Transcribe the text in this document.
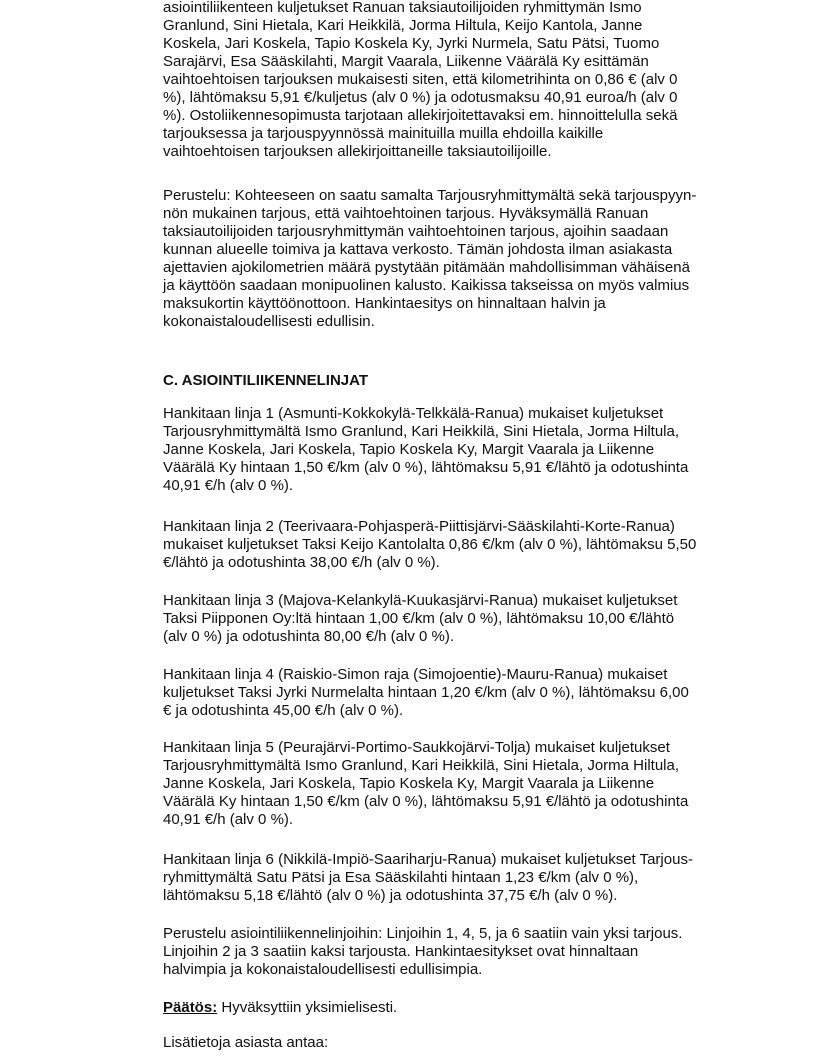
asiointiliikenteen kuljetukset Ranuan taksiautoilijoiden ryhmittymän Ismo
Granlund, Sini Hietala, Kari Heikkilä, Jorma Hiltula, Keijo Kantola, Janne
Koskela, Jari Koskela, Tapio Koskela Ky, Jyrki Nurmela, Satu Pätsi, Tuomo
Sarajärvi, Esa Sääskilahti, Margit Vaarala, Liikenne Väärälä Ky esittämän
vaihtoehtoisen tarjouksen mukaisesti siten, että kilometrihinta on 0,86 € (alv 0
%), lähtömaksu 5,91 €/kuljetus (alv 0 %) ja odotusmaksu 40,91 euroa/h (alv 0
%). Ostoliikennesopimusta tarjotaan allekirjoitettavaksi em. hinnoittelulla sekä
tarjouksessa ja tarjouspyynnössä mainituilla muilla ehdoilla kaikille
vaihtoehtoisen tarjouksen allekirjoittaneille taksiautoilijoille.
Perustelu: Kohteeseen on saatu samalta Tarjousryhmittymältä sekä tarjouspyyn-
nön mukainen tarjous, että vaihtoehtoinen tarjous. Hyväksymällä Ranuan
taksiautoilijoiden tarjousryhmittymän vaihtoehtoinen tarjous, ajoihin saadaan
kunnan alueelle toimiva ja kattava verkosto. Tämän johdosta ilman asiakasta
ajettavien ajokilometrien määrä pystytään pitämään mahdollisimman vähäisenä
ja käyttöön saadaan monipuolinen kalusto. Kaikissa takseissa on myös valmius
maksukortin käyttöönottoon. Hankintaesitys on hinnaltaan halvin ja
kokonaistaloudellisesti edullisin.
C. ASIOINTILIIKENNELINJAT
Hankitaan linja 1 (Asmunti-Kokkokylä-Telkkälä-Ranua) mukaiset kuljetukset
Tarjousryhmittymältä Ismo Granlund, Kari Heikkilä, Sini Hietala, Jorma Hiltula,
Janne Koskela, Jari Koskela, Tapio Koskela Ky, Margit Vaarala ja Liikenne
Väärälä Ky hintaan 1,50 €/km (alv 0 %), lähtömaksu 5,91 €/lähtö ja odotushinta
40,91 €/h (alv 0 %).
Hankitaan linja 2 (Teerivaara-Pohjasperä-Piittisjärvi-Sääskilahti-Korte-Ranua)
mukaiset kuljetukset Taksi Keijo Kantolalta 0,86 €/km (alv 0 %), lähtömaksu 5,50
€/lähtö ja odotushinta 38,00 €/h (alv 0 %).
Hankitaan linja 3 (Majova-Kelankylä-Kuukasjärvi-Ranua) mukaiset kuljetukset
Taksi Piipponen Oy:ltä hintaan 1,00 €/km (alv 0 %), lähtömaksu 10,00 €/lähtö
(alv 0 %) ja odotushinta 80,00 €/h (alv 0 %).
Hankitaan linja 4 (Raiskio-Simon raja (Simojoentie)-Mauru-Ranua) mukaiset
kuljetukset Taksi Jyrki Nurmelalta hintaan 1,20 €/km (alv 0 %), lähtömaksu 6,00
€ ja odotushinta 45,00 €/h (alv 0 %).
Hankitaan linja 5 (Peurajärvi-Portimo-Saukkojärvi-Tolja) mukaiset kuljetukset
Tarjousryhmittymältä Ismo Granlund, Kari Heikkilä, Sini Hietala, Jorma Hiltula,
Janne Koskela, Jari Koskela, Tapio Koskela Ky, Margit Vaarala ja Liikenne
Väärälä Ky hintaan 1,50 €/km (alv 0 %), lähtömaksu 5,91 €/lähtö ja odotushinta
40,91 €/h (alv 0 %).
Hankitaan linja 6 (Nikkilä-Impiö-Saariharju-Ranua) mukaiset kuljetukset Tarjous-
ryhmittymältä Satu Pätsi ja Esa Sääskilahti hintaan 1,23 €/km (alv 0 %),
lähtömaksu 5,18 €/lähtö (alv 0 %) ja odotushinta 37,75 €/h (alv 0 %).
Perustelu asiointiliikennelinjoihin: Linjoihin 1, 4, 5, ja 6 saatiin vain yksi tarjous.
Linjoihin 2 ja 3 saatiin kaksi tarjousta. Hankintaesitykset ovat hinnaltaan
halvimpia ja kokonaistaloudellisesti edullisimpia.
Päätös: Hyväksyttiin yksimielisesti.
Lisätietoja asiasta antaa:
